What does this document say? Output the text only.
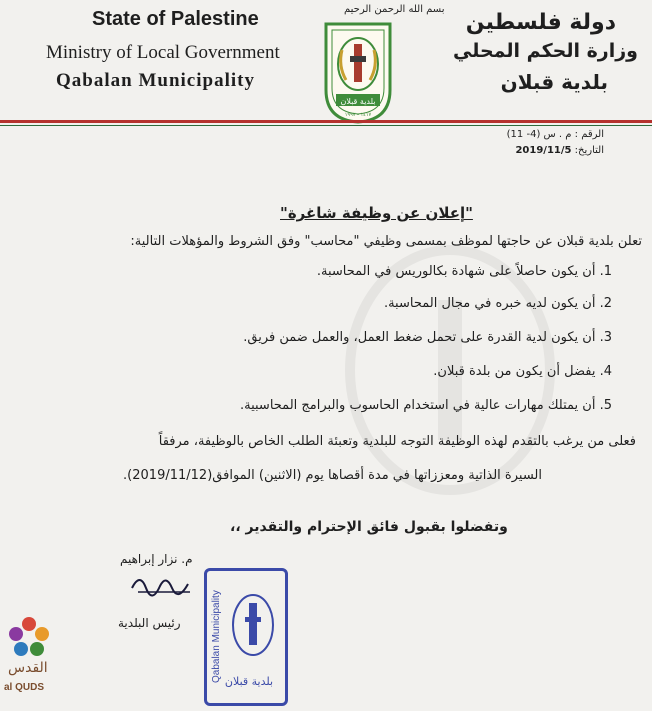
State of Palestine
Ministry of Local Government
Qabalan Municipality
دولة فلسطين
وزارة الحكم المحلي
بلدية قبلان
بسم الله الرحمن الرحيم
بلدية قبلان
١٤١٧ - ١٩٩٧
الرقم : م . س (4- 11)
التاريخ: 2019/11/5
"إعلان عن وظيفة شاغرة"
تعلن بلدية قبلان عن حاجتها لموظف بمسمى وظيفي "محاسب" وفق الشروط والمؤهلات التالية:
1. أن يكون حاصلاً على شهادة بكالوريس في المحاسبة.
2. أن يكون لديه خبره في مجال المحاسبة.
3. أن يكون لدية القدرة على تحمل ضغط العمل، والعمل ضمن فريق.
4. يفضل أن يكون من بلدة قبلان.
5. أن يمتلك مهارات عالية في استخدام الحاسوب والبرامج المحاسبية.
فعلى من يرغب بالتقدم لهذه الوظيفة التوجه للبلدية وتعبئة الطلب الخاص بالوظيفة، مرفقاً
السيرة الذاتية ومعززاتها في مدة أقصاها يوم (الاثنين) الموافق(2019/11/12).
وتفضلوا بقبول فائق الإحترام والتقدير ،،
م. نزار إبراهيم
رئيس البلدية
بلدية قبلان
Qabalan Municipality
القدس
al QUDS
